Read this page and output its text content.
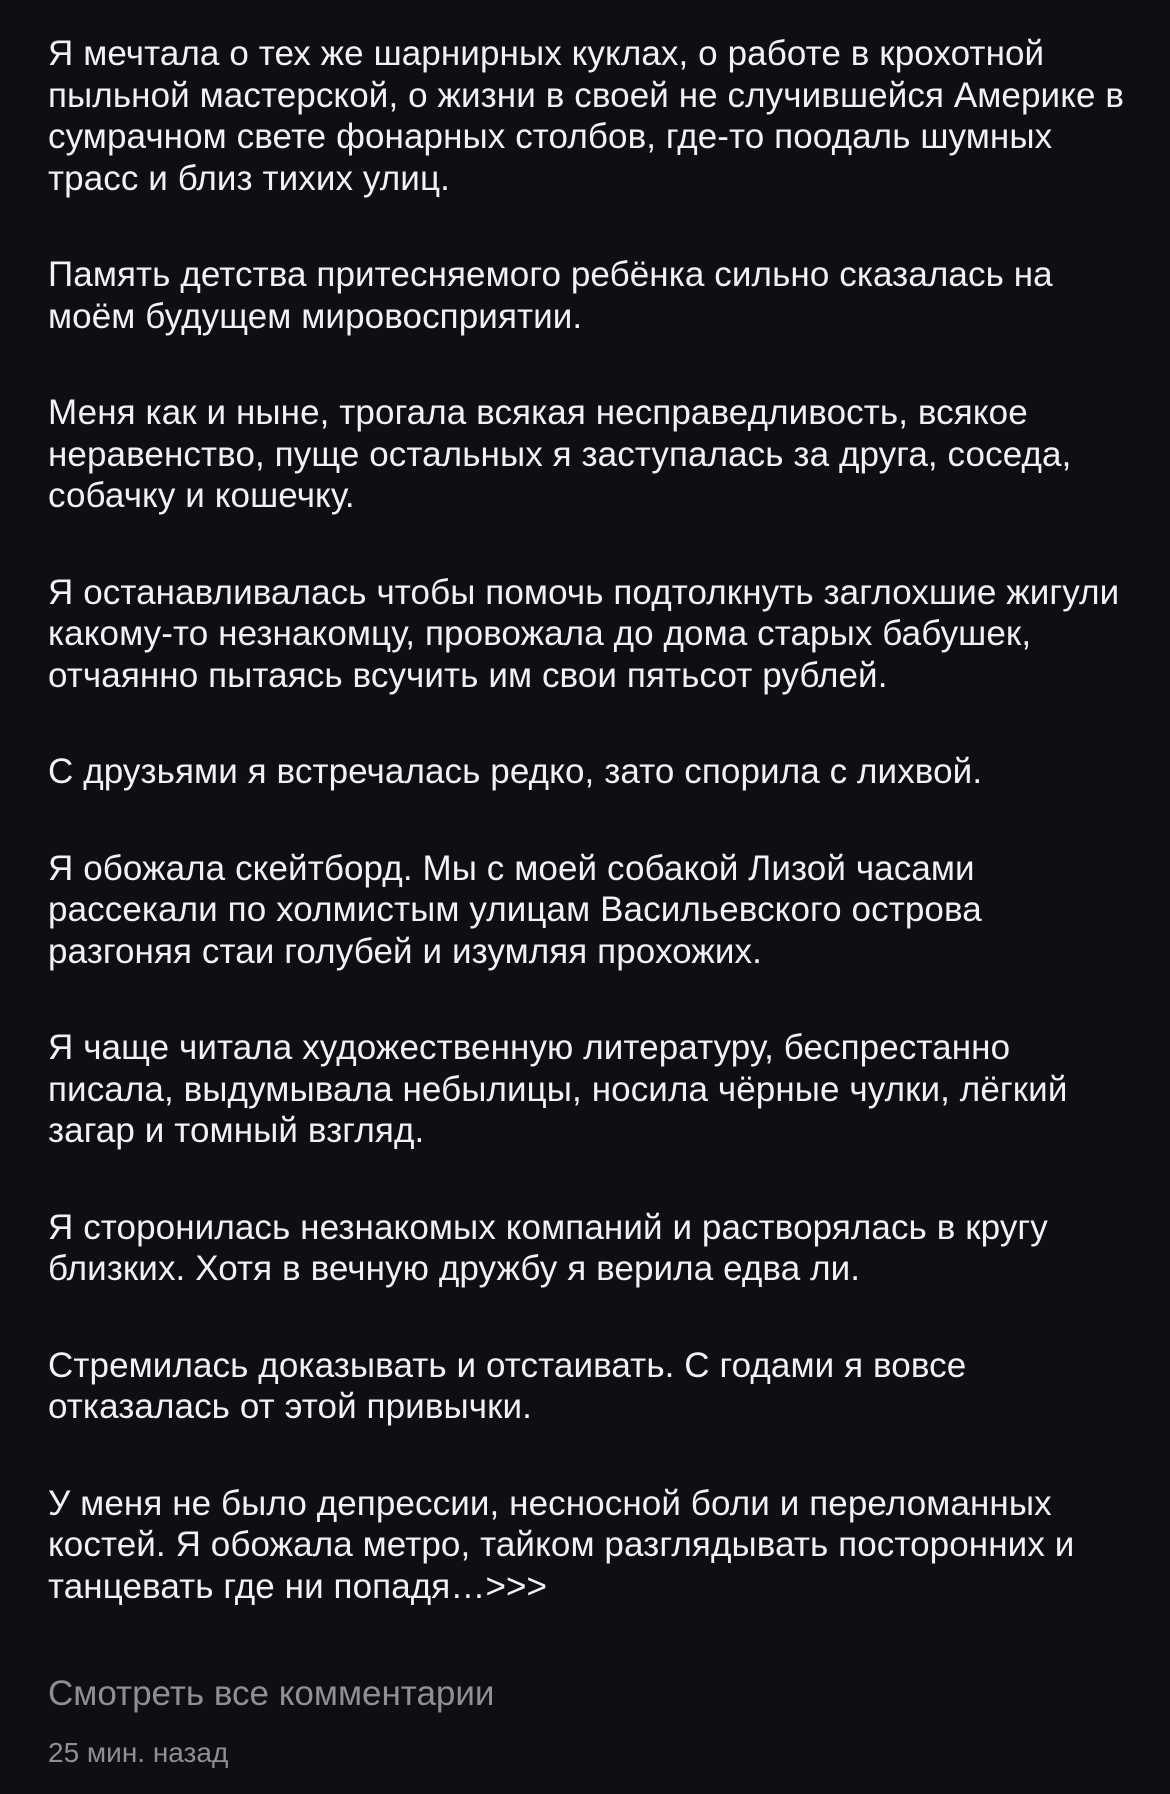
Я мечтала о тех же шарнирных куклах, о работе в крохотной пыльной мастерской, о жизни в своей не случившейся Америке в сумрачном свете фонарных столбов, где-то поодаль шумных трасс и близ тихих улиц.

Память детства притесняемого ребёнка сильно сказалась на моём будущем мировосприятии.

Меня как и ныне, трогала всякая несправедливость, всякое неравенство, пуще остальных я заступалась за друга, соседа, собачку и кошечку.

Я останавливалась чтобы помочь подтолкнуть заглохшие жигули какому-то незнакомцу, провожала до дома старых бабушек, отчаянно пытаясь всучить им свои пятьсот рублей.

С друзьями я встречалась редко, зато спорила с лихвой.

Я обожала скейтборд. Мы с моей собакой Лизой часами рассекали по холмистым улицам Васильевского острова разгоняя стаи голубей и изумляя прохожих.

Я чаще читала художественную литературу, беспрестанно писала, выдумывала небылицы, носила чёрные чулки, лёгкий загар и томный взгляд.

Я сторонилась незнакомых компаний и растворялась в кругу близких. Хотя в вечную дружбу я верила едва ли.

Стремилась доказывать и отстаивать. С годами я вовсе отказалась от этой привычки.

У меня не было депрессии, несносной боли и переломанных костей. Я обожала метро, тайком разглядывать посторонних и танцевать где ни попадя…>>>

Смотреть все комментарии
25 мин. назад
